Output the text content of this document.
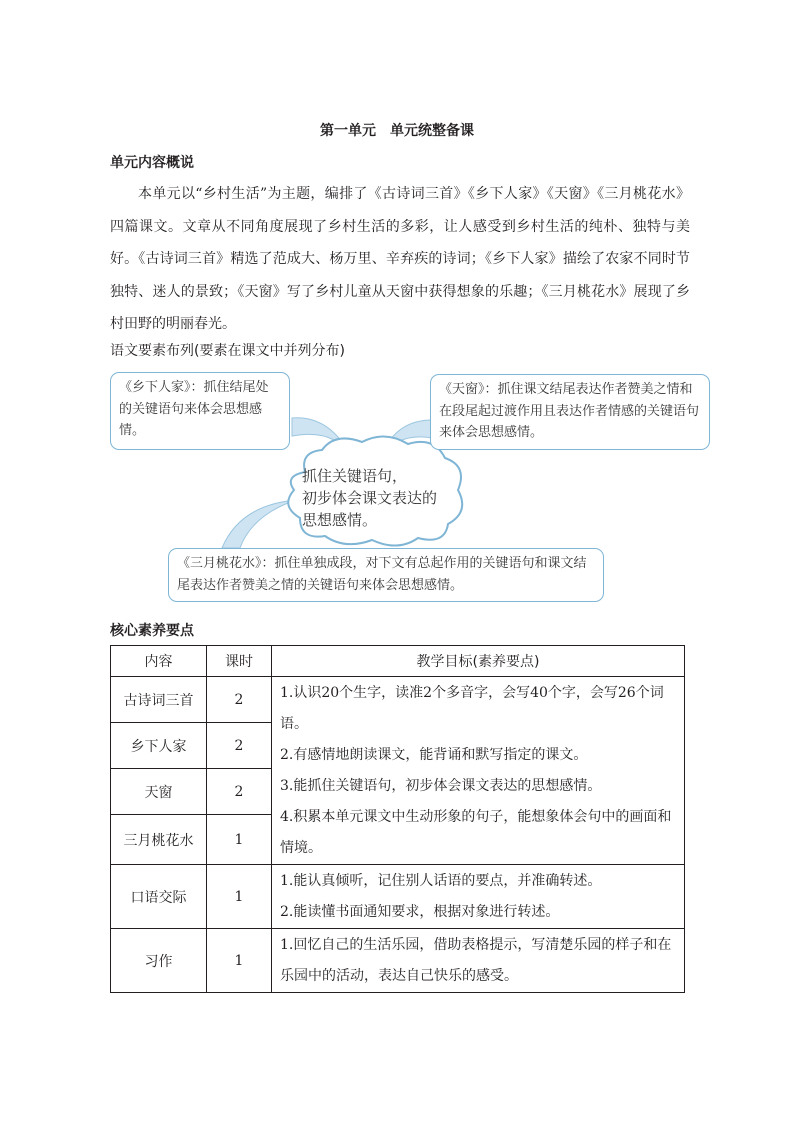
第一单元　单元统整备课
单元内容概说
本单元以“乡村生活”为主题，编排了《古诗词三首》《乡下人家》《天窗》《三月桃花水》四篇课文。文章从不同角度展现了乡村生活的多彩，让人感受到乡村生活的纯朴、独特与美好。《古诗词三首》精选了范成大、杨万里、辛弃疾的诗词；《乡下人家》描绘了农家不同时节独特、迷人的景致；《天窗》写了乡村儿童从天窗中获得想象的乐趣；《三月桃花水》展现了乡村田野的明丽春光。
语文要素布列(要素在课文中并列分布)
《乡下人家》：抓住结尾处的关键语句来体会思想感情。
《天窗》：抓住课文结尾表达作者赞美之情和在段尾起过渡作用且表达作者情感的关键语句来体会思想感情。
《三月桃花水》：抓住单独成段，对下文有总起作用的关键语句和课文结尾表达作者赞美之情的关键语句来体会思想感情。
抓住关键语句，
初步体会课文表达的
思想感情。
核心素养要点
内容	课时	教学目标(素养要点)
古诗词三首	2	1.认识20个生字，读准2个多音字，会写40个字，会写26个词语。
2.有感情地朗读课文，能背诵和默写指定的课文。
3.能抓住关键语句，初步体会课文表达的思想感情。
4.积累本单元课文中生动形象的句子，能想象体会句中的画面和情境。

乡下人家	2	
天窗	2	
三月桃花水	1	
口语交际	1	1.能认真倾听，记住别人话语的要点，并准确转述。
2.能读懂书面通知要求，根据对象进行转述。

习作	1	1.回忆自己的生活乐园，借助表格提示，写清楚乐园的样子和在乐园中的活动，表达自己快乐的感受。
